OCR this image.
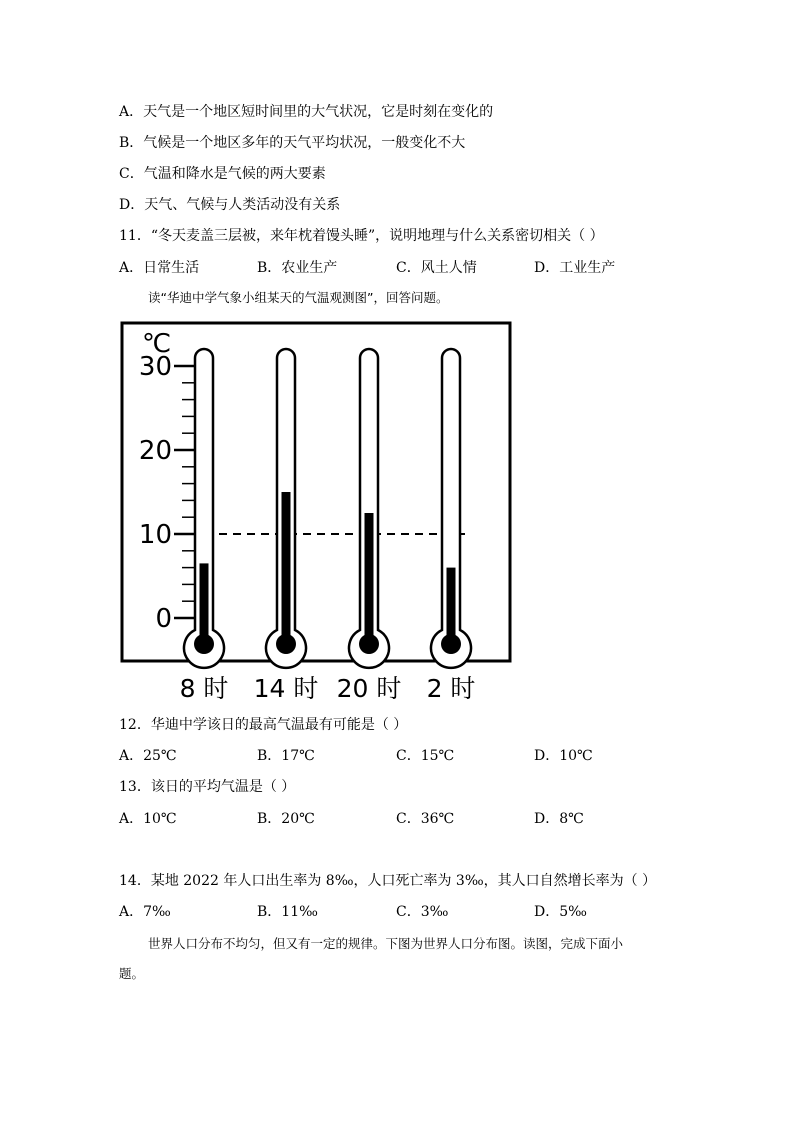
A．天气是一个地区短时间里的大气状况，它是时刻在变化的
B．气候是一个地区多年的天气平均状况，一般变化不大
C．气温和降水是气候的两大要素
D．天气、气候与人类活动没有关系
11．“冬天麦盖三层被，来年枕着馒头睡”，说明地理与什么关系密切相关（ ）
A．日常生活	B．农业生产	C．风土人情	D．工业生产
读“华迪中学气象小组某天的气温观测图”，回答问题。
℃
30
20
10
0
8 时 14 时 20 时 2 时
12．华迪中学该日的最高气温最有可能是（ ）
A．25℃	B．17℃	C．15℃	D．10℃
13．该日的平均气温是（ ）
A．10℃	B．20℃	C．36℃	D．8℃
14．某地 2022 年人口出生率为 8‰，人口死亡率为 3‰，其人口自然增长率为（ ）
A．7‰	B．11‰	C．3‰	D．5‰
世界人口分布不均匀，但又有一定的规律。下图为世界人口分布图。读图，完成下面小
题。
